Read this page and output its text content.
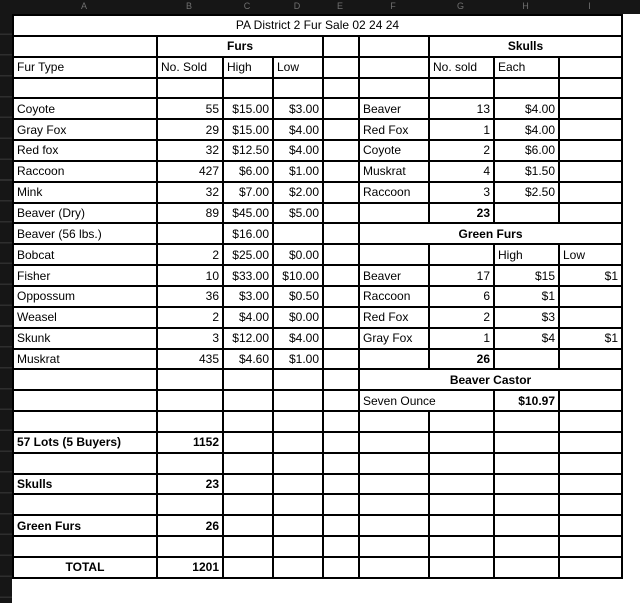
A	B	C	D	E	F	G	H	I
PA District 2 Fur Sale 02 24 24								
	Furs					Skulls		
Fur Type	No. Sold	High	Low			No. sold	Each	

Coyote	55	$15.00	$3.00		Beaver	13	$4.00	
Gray Fox	29	$15.00	$4.00		Red Fox	1	$4.00	
Red fox	32	$12.50	$4.00		Coyote	2	$6.00	
Raccoon	427	$6.00	$1.00		Muskrat	4	$1.50	
Mink	32	$7.00	$2.00		Raccoon	3	$2.50	
Beaver (Dry)	89	$45.00	$5.00			23		
Beaver (56 lbs.)		$16.00			Green Furs			
Bobcat	2	$25.00	$0.00				High	Low
Fisher	10	$33.00	$10.00		Beaver	17	$15	$1
Oppossum	36	$3.00	$0.50		Raccoon	6	$1	
Weasel	2	$4.00	$0.00		Red Fox	2	$3	
Skunk	3	$12.00	$4.00		Gray Fox	1	$4	$1
Muskrat	435	$4.60	$1.00			26		
					Beaver Castor			
					Seven Ounce		$10.97	

57 Lots (5 Buyers)	1152							

Skulls	23							

Green Furs	26							

TOTAL	1201							
